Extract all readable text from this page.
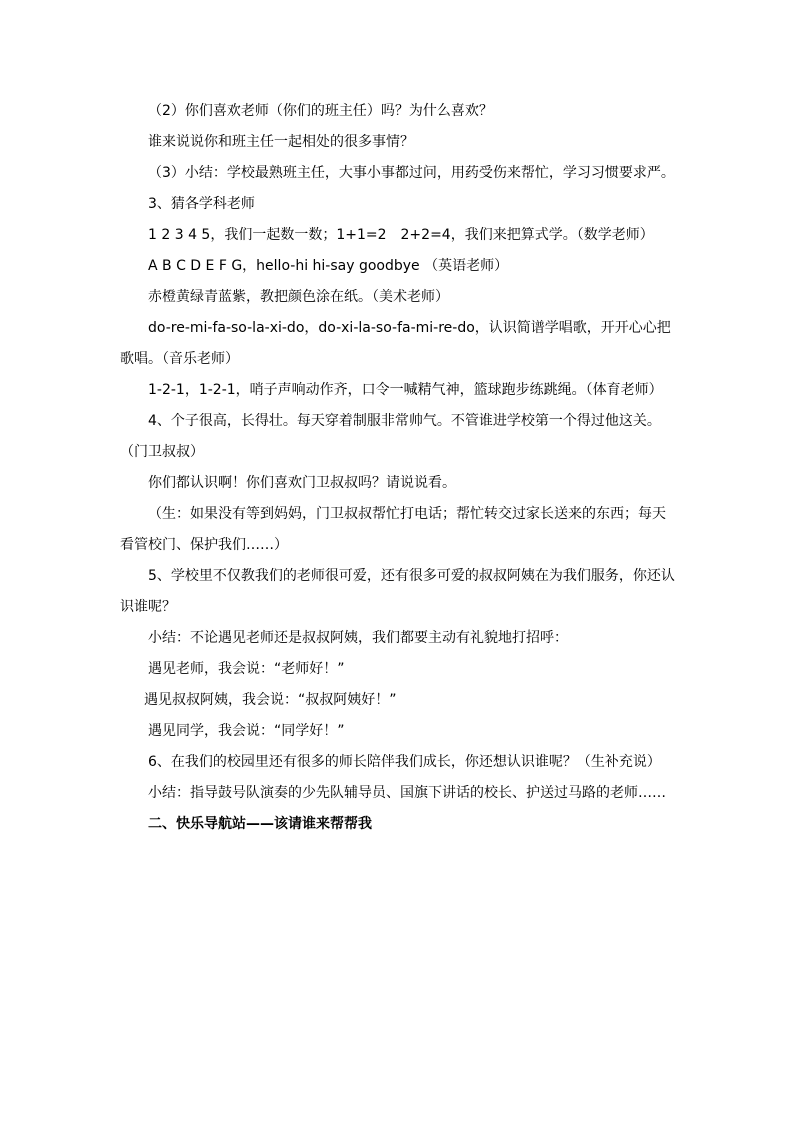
（2）你们喜欢老师（你们的班主任）吗？为什么喜欢？

谁来说说你和班主任一起相处的很多事情？

（3）小结：学校最熟班主任，大事小事都过问，用药受伤来帮忙，学习习惯要求严。

3、猜各学科老师

1 2 3 4 5，我们一起数一数；1+1=2　2+2=4，我们来把算式学。（数学老师）

A B C D E F G，hello-hi hi-say goodbye （英语老师）

赤橙黄绿青蓝紫，教把颜色涂在纸。（美术老师）

do-re-mi-fa-so-la-xi-do，do-xi-la-so-fa-mi-re-do，认识简谱学唱歌，开开心心把歌唱。（音乐老师）

1-2-1，1-2-1，哨子声响动作齐，口令一喊精气神，篮球跑步练跳绳。（体育老师）

4、个子很高，长得壮。每天穿着制服非常帅气。不管谁进学校第一个得过他这关。（门卫叔叔）

你们都认识啊！你们喜欢门卫叔叔吗？请说说看。

（生：如果没有等到妈妈，门卫叔叔帮忙打电话；帮忙转交过家长送来的东西；每天看管校门、保护我们……）

5、学校里不仅教我们的老师很可爱，还有很多可爱的叔叔阿姨在为我们服务，你还认识谁呢？

小结：不论遇见老师还是叔叔阿姨，我们都要主动有礼貌地打招呼：

遇见老师，我会说：“老师好！”

遇见叔叔阿姨，我会说：“叔叔阿姨好！”

遇见同学，我会说：“同学好！”

6、在我们的校园里还有很多的师长陪伴我们成长，你还想认识谁呢？（生补充说）

小结：指导鼓号队演奏的少先队辅导员、国旗下讲话的校长、护送过马路的老师……

二、快乐导航站——该请谁来帮帮我
